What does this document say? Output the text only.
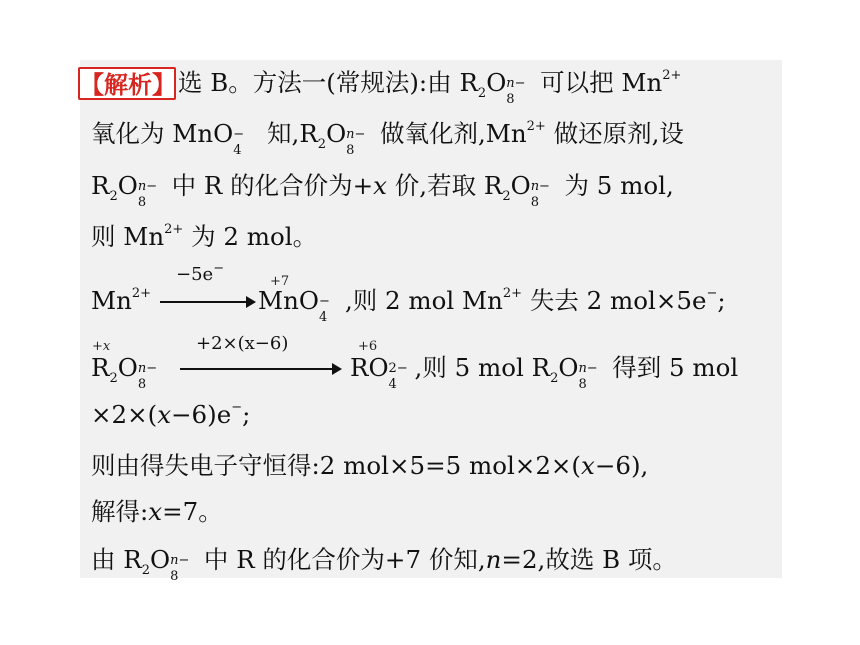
【解析】 选 B。方法一(常规法):由 R2O n−
8
可以把 Mn2+
氧化为 MnO −
4
知,R2O n−
8
做氧化剂,Mn2+ 做还原剂,设
R2O n−
8
中 R 的化合价为+x 价,若取 R2O n−
8
为 5 mol,
则 Mn2+ 为 2 mol。
Mn2+
−5e−
+7
MnO −
4
,则 2 mol Mn2+ 失去 2 mol×5e−;
+x
R2O n−
8
+2×(x−6)	+6
RO 2−
4
,则 5 mol R2O n−
8
得到 5 mol
×2×(x−6)e−;
则由得失电子守恒得:2 mol×5=5 mol×2×(x−6),
解得:x=7。
由 R2O n−
8
中 R 的化合价为+7 价知,n=2,故选 B 项。
